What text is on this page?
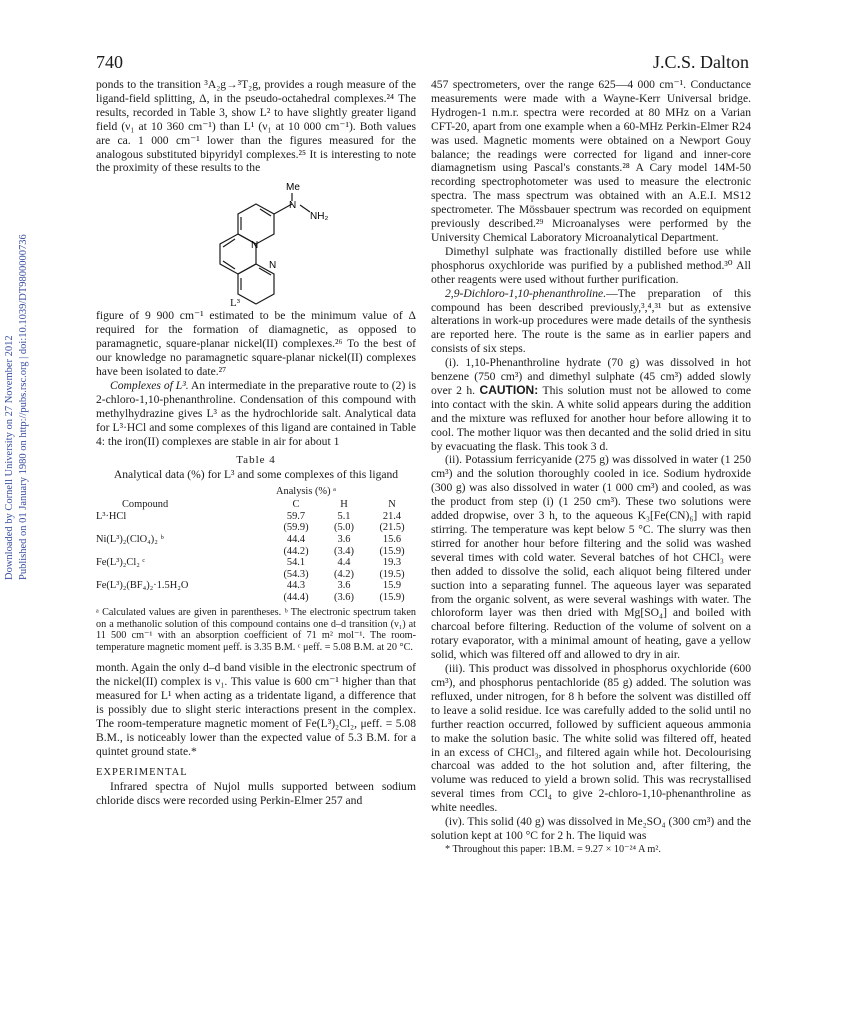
Downloaded by Cornell University on 27 November 2012 Published on 01 January 1980 on http://pubs.rsc.org | doi:10.1039/DT9800000736
740	J.C.S. Dalton

ponds to the transition ³A₂g→³T₂g, provides a rough measure of the ligand-field splitting, Δ, in the pseudo-octahedral complexes.²⁴ The results, recorded in Table 3, show L² to have slightly greater ligand field (ν₁ at 10 360 cm⁻¹) than L¹ (ν₁ at 10 000 cm⁻¹). Both values are ca. 1 000 cm⁻¹ lower than the figures measured for the analogous substituted bipyridyl complexes.²⁵ It is interesting to note the proximity of these results to the

Me
N
NH₂
N
N
L³

figure of 9 900 cm⁻¹ estimated to be the minimum value of Δ required for the formation of diamagnetic, as opposed to paramagnetic, square-planar nickel(II) complexes.²⁶ To the best of our knowledge no paramagnetic square-planar nickel(II) complexes have been isolated to date.²⁷

Complexes of L³. An intermediate in the preparative route to (2) is 2-chloro-1,10-phenanthroline. Condensation of this compound with methylhydrazine gives L³ as the hydrochloride salt. Analytical data for L³·HCl and some complexes of this ligand are contained in Table 4: the iron(II) complexes are stable in air for about 1

Table 4
Analytical data (%) for L³ and some complexes of this ligand
Analysis (%) ᵃ
Compound	C	H	N
L³·HCl	59.7	5.1	21.4
	(59.9)	(5.0)	(21.5)
Ni(L³)₂(ClO₄)₂ ᵇ	44.4	3.6	15.6
	(44.2)	(3.4)	(15.9)
Fe(L³)₂Cl₂ ᶜ	54.1	4.4	19.3
	(54.3)	(4.2)	(19.5)
Fe(L³)₂(BF₄)₂·1.5H₂O	44.3	3.6	15.9
	(44.4)	(3.6)	(15.9)
ᵃ Calculated values are given in parentheses. ᵇ The electronic spectrum taken on a methanolic solution of this compound contains one d–d transition (ν₁) at 11 500 cm⁻¹ with an absorption coefficient of 71 m² mol⁻¹. The room-temperature magnetic moment μeff. is 3.35 B.M. ᶜ μeff. = 5.08 B.M. at 20 °C.

month. Again the only d–d band visible in the electronic spectrum of the nickel(II) complex is ν₁. This value is 600 cm⁻¹ higher than that measured for L¹ when acting as a tridentate ligand, a difference that is possibly due to slight steric interactions present in the complex. The room-temperature magnetic moment of Fe(L³)₂Cl₂, μeff. = 5.08 B.M., is noticeably lower than the expected value of 5.3 B.M. for a quintet ground state.*

EXPERIMENTAL

Infrared spectra of Nujol mulls supported between sodium chloride discs were recorded using Perkin-Elmer 257 and

457 spectrometers, over the range 625—4 000 cm⁻¹. Conductance measurements were made with a Wayne-Kerr Universal bridge. Hydrogen-1 n.m.r. spectra were recorded at 80 MHz on a Varian CFT-20, apart from one example when a 60-MHz Perkin-Elmer R24 was used. Magnetic moments were obtained on a Newport Gouy balance; the readings were corrected for ligand and inner-core diamagnetism using Pascal's constants.²⁸ A Cary model 14M-50 recording spectrophotometer was used to measure the electronic spectra. The mass spectrum was obtained with an A.E.I. MS12 spectrometer. The Mössbauer spectrum was recorded on equipment previously described.²⁹ Microanalyses were performed by the University Chemical Laboratory Microanalytical Department.

Dimethyl sulphate was fractionally distilled before use while phosphorus oxychloride was purified by a published method.³⁰ All other reagents were used without further purification.

2,9-Dichloro-1,10-phenanthroline.—The preparation of this compound has been described previously,³,⁴,³¹ but as extensive alterations in work-up procedures were made details of the synthesis are reported here. The route is the same as in earlier papers and consists of six steps.

(i). 1,10-Phenanthroline hydrate (70 g) was dissolved in hot benzene (750 cm³) and dimethyl sulphate (45 cm³) added slowly over 2 h. CAUTION: This solution must not be allowed to come into contact with the skin. A white solid appears during the addition and the mixture was refluxed for another hour before allowing it to cool. The mother liquor was then decanted and the solid dried in situ by evacuating the flask. This took 3 d.

(ii). Potassium ferricyanide (275 g) was dissolved in water (1 250 cm³) and the solution thoroughly cooled in ice. Sodium hydroxide (300 g) was also dissolved in water (1 000 cm³) and cooled, as was the product from step (i) (1 250 cm³). These two solutions were added dropwise, over 3 h, to the aqueous K₃[Fe(CN)₆] with rapid stirring. The temperature was kept below 5 °C. The slurry was then stirred for another hour before filtering and the solid was washed several times with cold water. Several batches of hot CHCl₃ were then added to dissolve the solid, each aliquot being filtered under suction into a separating funnel. The aqueous layer was separated from the organic solvent, as were several washings with water. The chloroform layer was then dried with Mg[SO₄] and boiled with charcoal before filtering. Reduction of the volume of solvent on a rotary evaporator, with a minimal amount of heating, gave a yellow solid, which was filtered off and allowed to dry in air.

(iii). This product was dissolved in phosphorus oxychloride (600 cm³), and phosphorus pentachloride (85 g) added. The solution was refluxed, under nitrogen, for 8 h before the solvent was distilled off to leave a solid residue. Ice was carefully added to the solid until no further reaction occurred, followed by sufficient aqueous ammonia to make the solution basic. The white solid was filtered off, heated in an excess of CHCl₃, and filtered again while hot. Decolourising charcoal was added to the hot solution and, after filtering, the volume was reduced to yield a brown solid. This was recrystallised several times from CCl₄ to give 2-chloro-1,10-phenanthroline as white needles.

(iv). This solid (40 g) was dissolved in Me₂SO₄ (300 cm³) and the solution kept at 100 °C for 2 h. The liquid was

* Throughout this paper: 1B.M. = 9.27 × 10⁻²⁴ A m².
